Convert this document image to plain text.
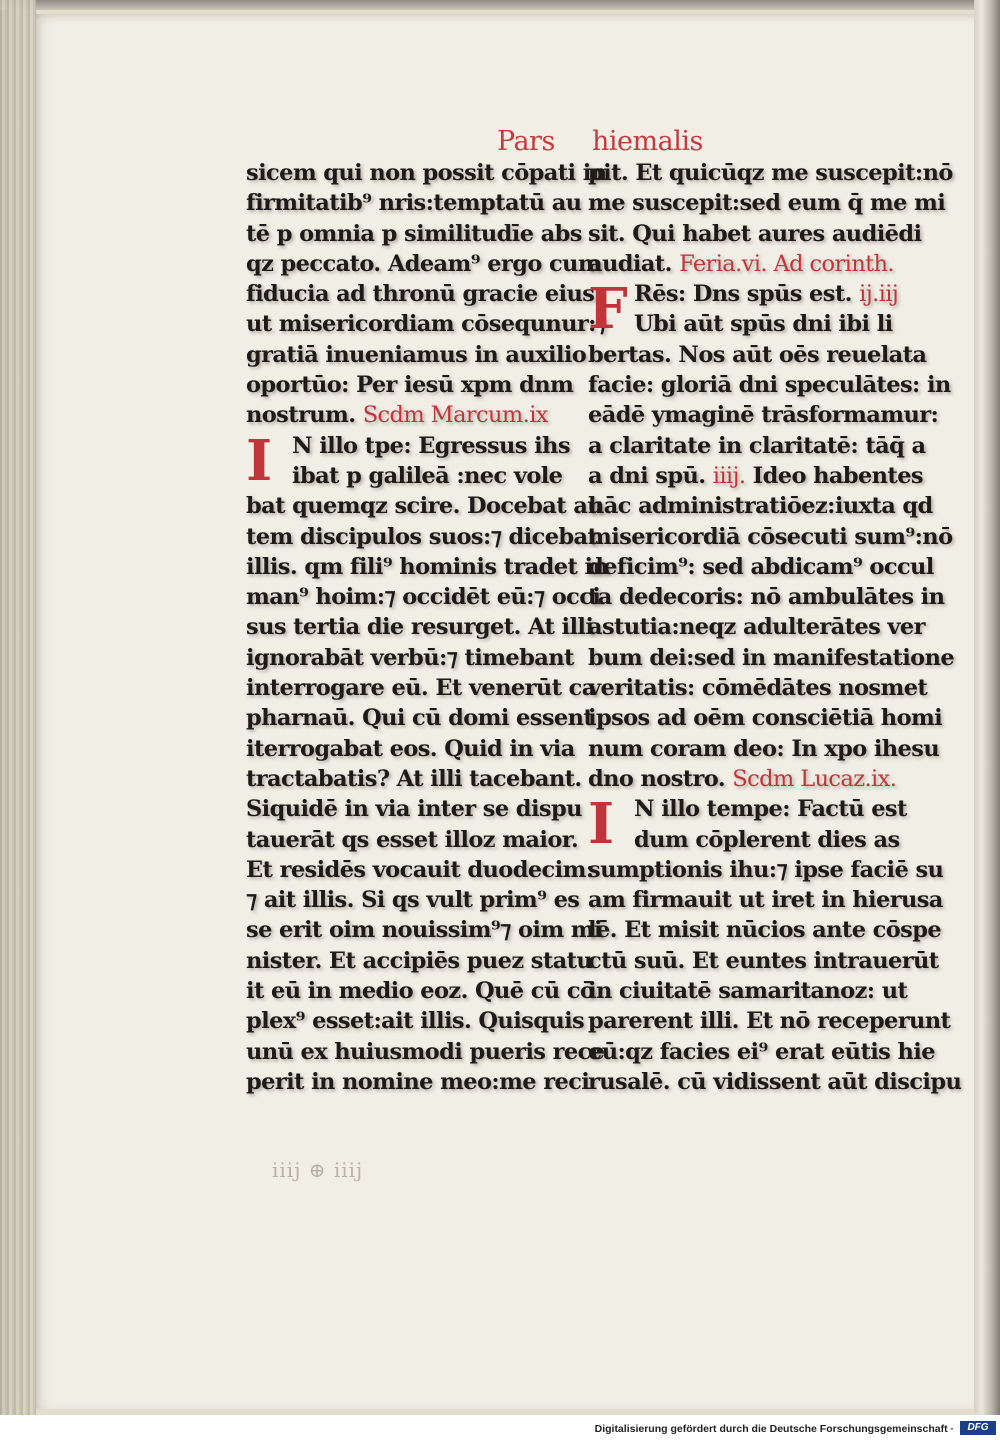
Pars hiemalis
sicem qui non possit cōpati in
firmitatib⁹ nris:temptatū au
tē p omnia p similitudīe abs
qz peccato. Adeam⁹ ergo cum
fiducia ad thronū gracie eius:
ut misericordiam cōsequnur:⁊
gratiā inueniamus in auxilio
oportūo: Per iesū xpm dnm
nostrum. Scdm Marcum.ix
I N illo tpe: Egressus ihs
ibat p galileā :nec vole
bat quemqz scire. Docebat au
tem discipulos suos:⁊ dicebat
illis. qm fili⁹ hominis tradet in
man⁹ hoim:⁊ occidēt eū:⁊ occi
sus tertia die resurget. At illi
ignorabāt verbū:⁊ timebant
interrogare eū. Et venerūt ca
pharnaū. Qui cū domi essent
iterrogabat eos. Quid in via
tractabatis? At illi tacebant.
Siquidē in via inter se dispu
tauerāt qs esset illoz maior.
Et residēs vocauit duodecim:
⁊ ait illis. Si qs vult prim⁹ es
se erit oim nouissim⁹⁊ oim mi
nister. Et accipiēs puez statu
it eū in medio eoz. Quē cū cō
plex⁹ esset:ait illis. Quisquis
unū ex huiusmodi pueris rece
perit in nomine meo:me reci
pit. Et quicūqz me suscepit:nō
me suscepit:sed eum q̄ me mi
sit. Qui habet aures audiēdi
audiat. Feria.vi. Ad corinth.
F Rēs: Dns spūs est. ij.iij
Ubi aūt spūs dni ibi li
bertas. Nos aūt oēs reuelata
facie: gloriā dni speculātes: in
eādē ymaginē trāsformamur:
a claritate in claritatē: tāq̄ a
a dni spū. iiij. Ideo habentes
hāc administratiōez:iuxta qd
misericordiā cōsecuti sum⁹:nō
deficim⁹: sed abdicam⁹ occul
ta dedecoris: nō ambulātes in
astutia:neqz adulterātes ver
bum dei:sed in manifestatione
veritatis: cōmēdātes nosmet
ipsos ad oēm consciētiā homi
num coram deo: In xpo ihesu
dno nostro. Scdm Lucaz.ix.
I N illo tempe: Factū est
dum cōplerent dies as
sumptionis ihu:⁊ ipse faciē su
am firmauit ut iret in hierusa
lē. Et misit nūcios ante cōspe
ctū suū. Et euntes intrauerūt
in ciuitatē samaritanoz: ut
parerent illi. Et nō receperunt
eū:qz facies ei⁹ erat eūtis hie
rusalē. cū vidissent aūt discipu
iiij ⊕ iiij
Digitalisierung gefördert durch die Deutsche Forschungsgemeinschaft ·	DFG
